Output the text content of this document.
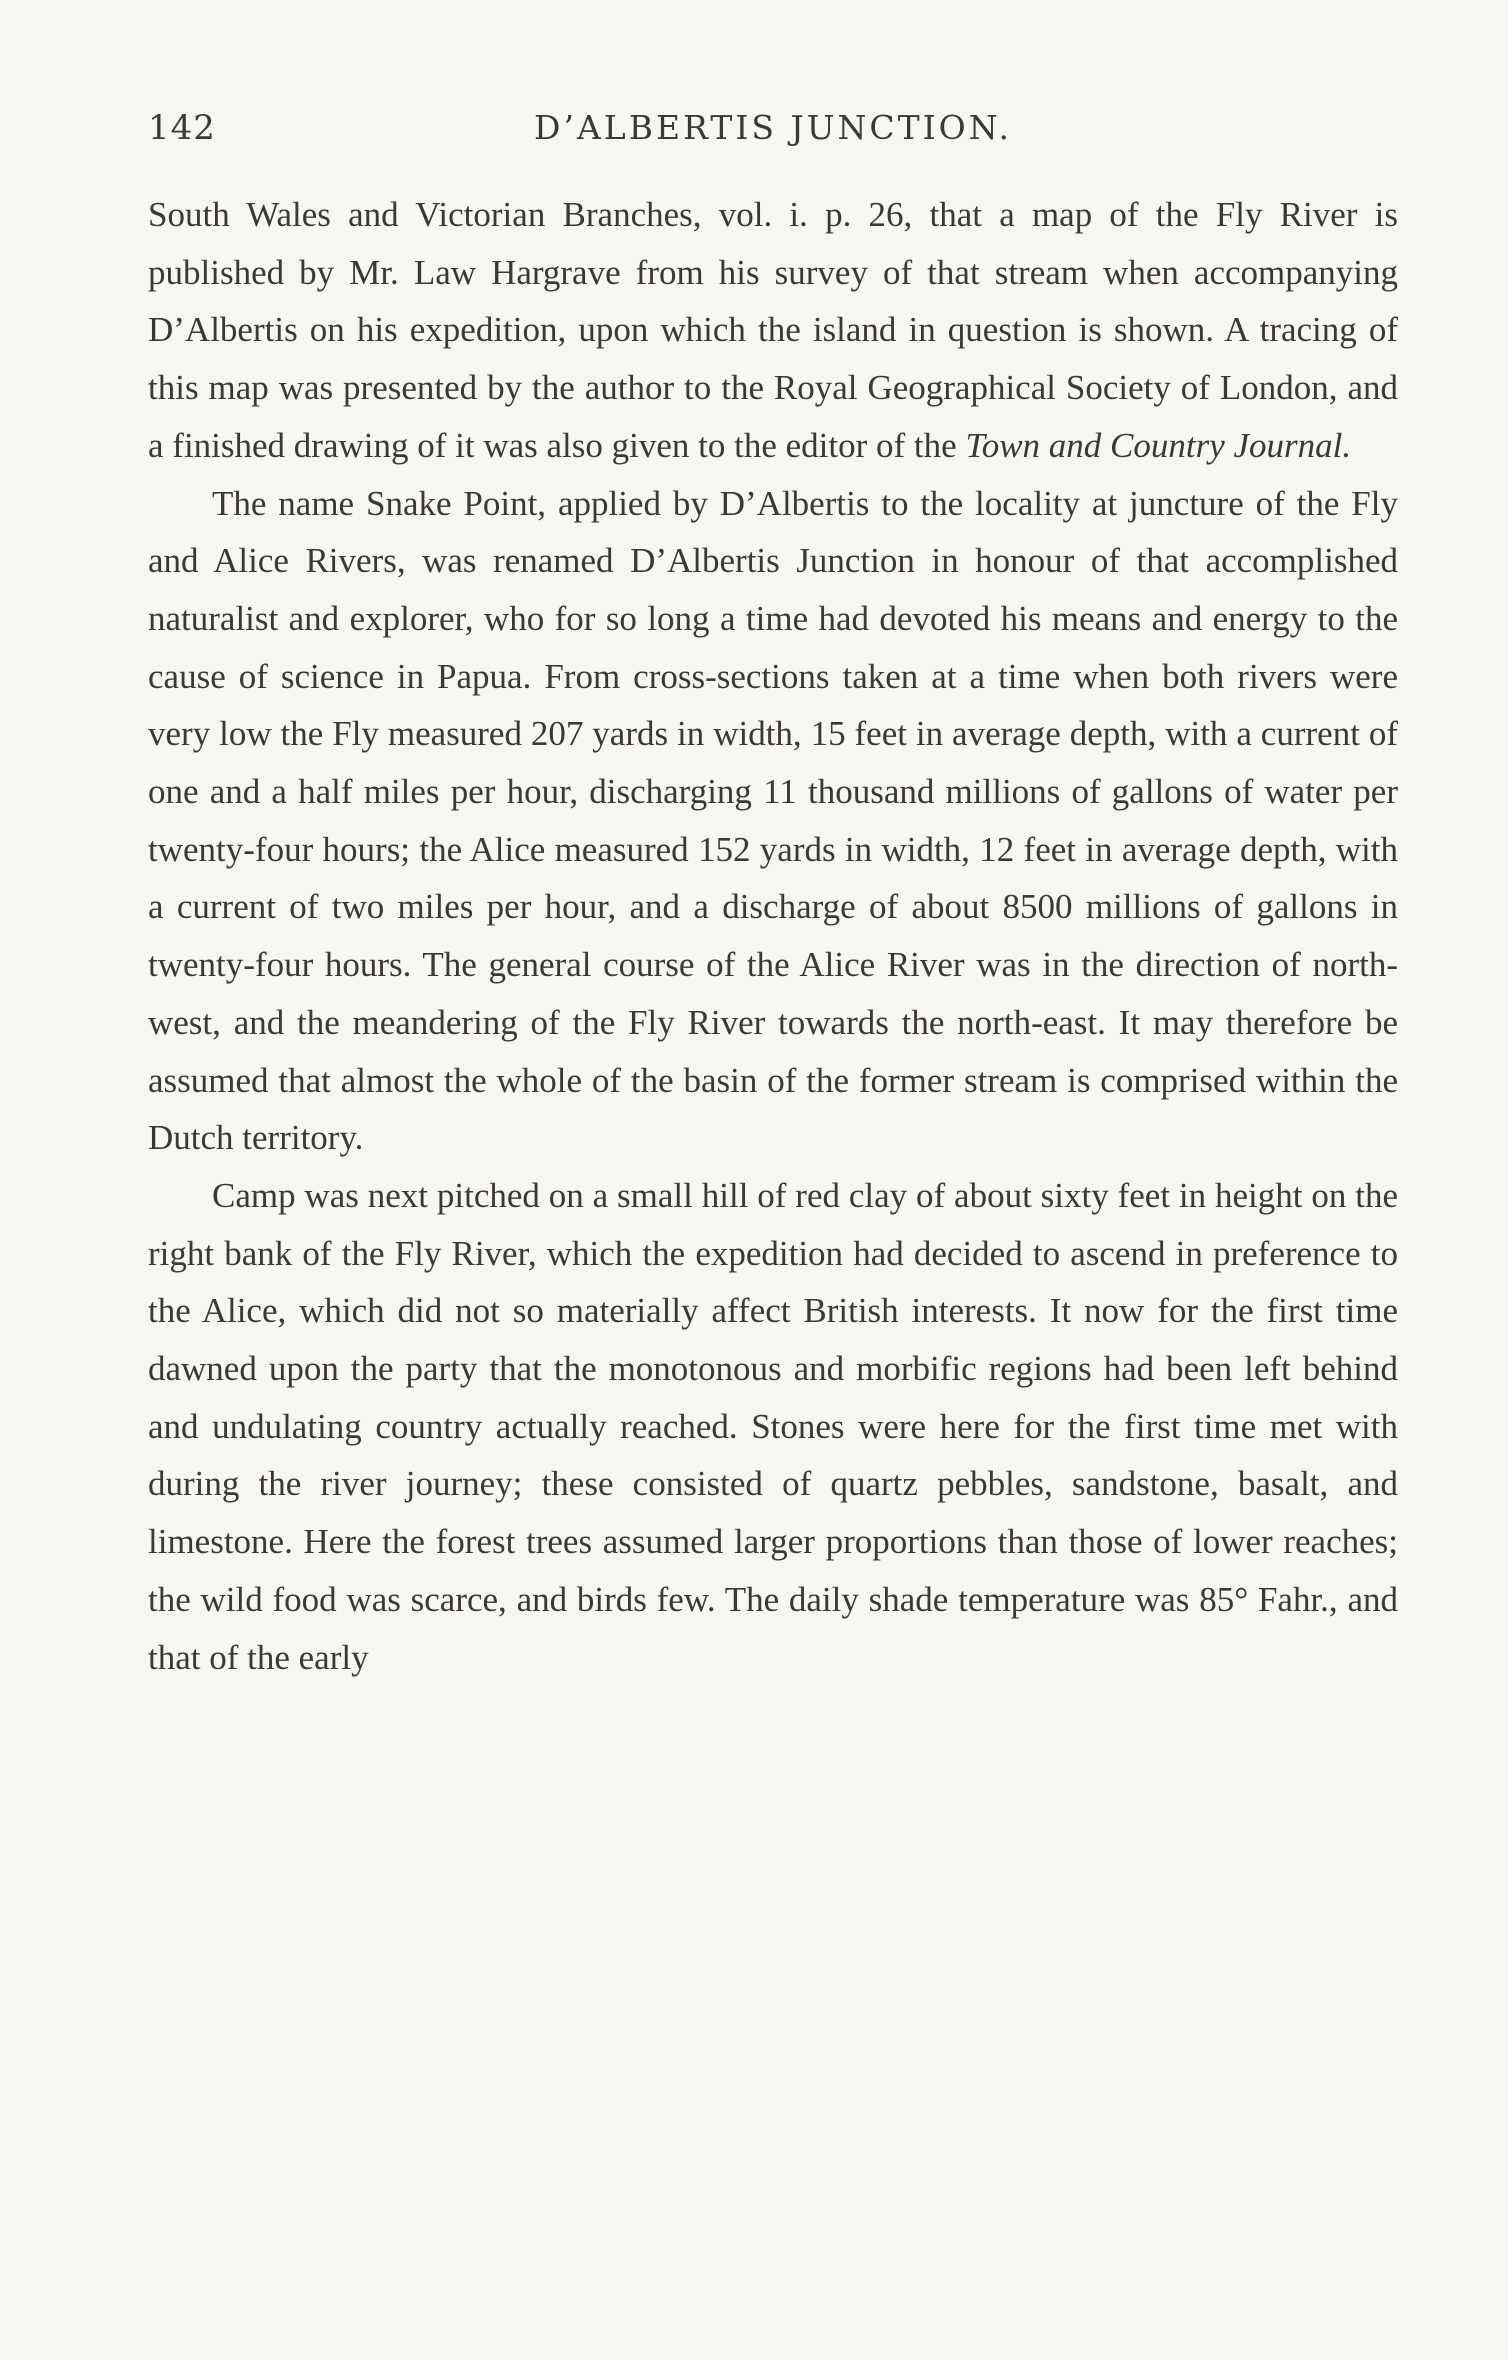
142	D’ALBERTIS JUNCTION.

South Wales and Victorian Branches, vol. i. p. 26, that a map of the Fly River is published by Mr. Law Hargrave from his survey of that stream when accompanying D’Albertis on his expedition, upon which the island in question is shown. A tracing of this map was presented by the author to the Royal Geographical Society of London, and a finished drawing of it was also given to the editor of the Town and Country Journal.

The name Snake Point, applied by D’Albertis to the locality at juncture of the Fly and Alice Rivers, was renamed D’Albertis Junction in honour of that accomplished naturalist and explorer, who for so long a time had devoted his means and energy to the cause of science in Papua. From cross-sections taken at a time when both rivers were very low the Fly measured 207 yards in width, 15 feet in average depth, with a current of one and a half miles per hour, discharging 11 thousand millions of gallons of water per twenty-four hours; the Alice measured 152 yards in width, 12 feet in average depth, with a current of two miles per hour, and a discharge of about 8500 millions of gallons in twenty-four hours. The general course of the Alice River was in the direction of north-west, and the meandering of the Fly River towards the north-east. It may therefore be assumed that almost the whole of the basin of the former stream is comprised within the Dutch territory.

Camp was next pitched on a small hill of red clay of about sixty feet in height on the right bank of the Fly River, which the expedition had decided to ascend in preference to the Alice, which did not so materially affect British interests. It now for the first time dawned upon the party that the monotonous and morbific regions had been left behind and undulating country actually reached. Stones were here for the first time met with during the river journey; these consisted of quartz pebbles, sandstone, basalt, and limestone. Here the forest trees assumed larger proportions than those of lower reaches; the wild food was scarce, and birds few. The daily shade temperature was 85° Fahr., and that of the early
